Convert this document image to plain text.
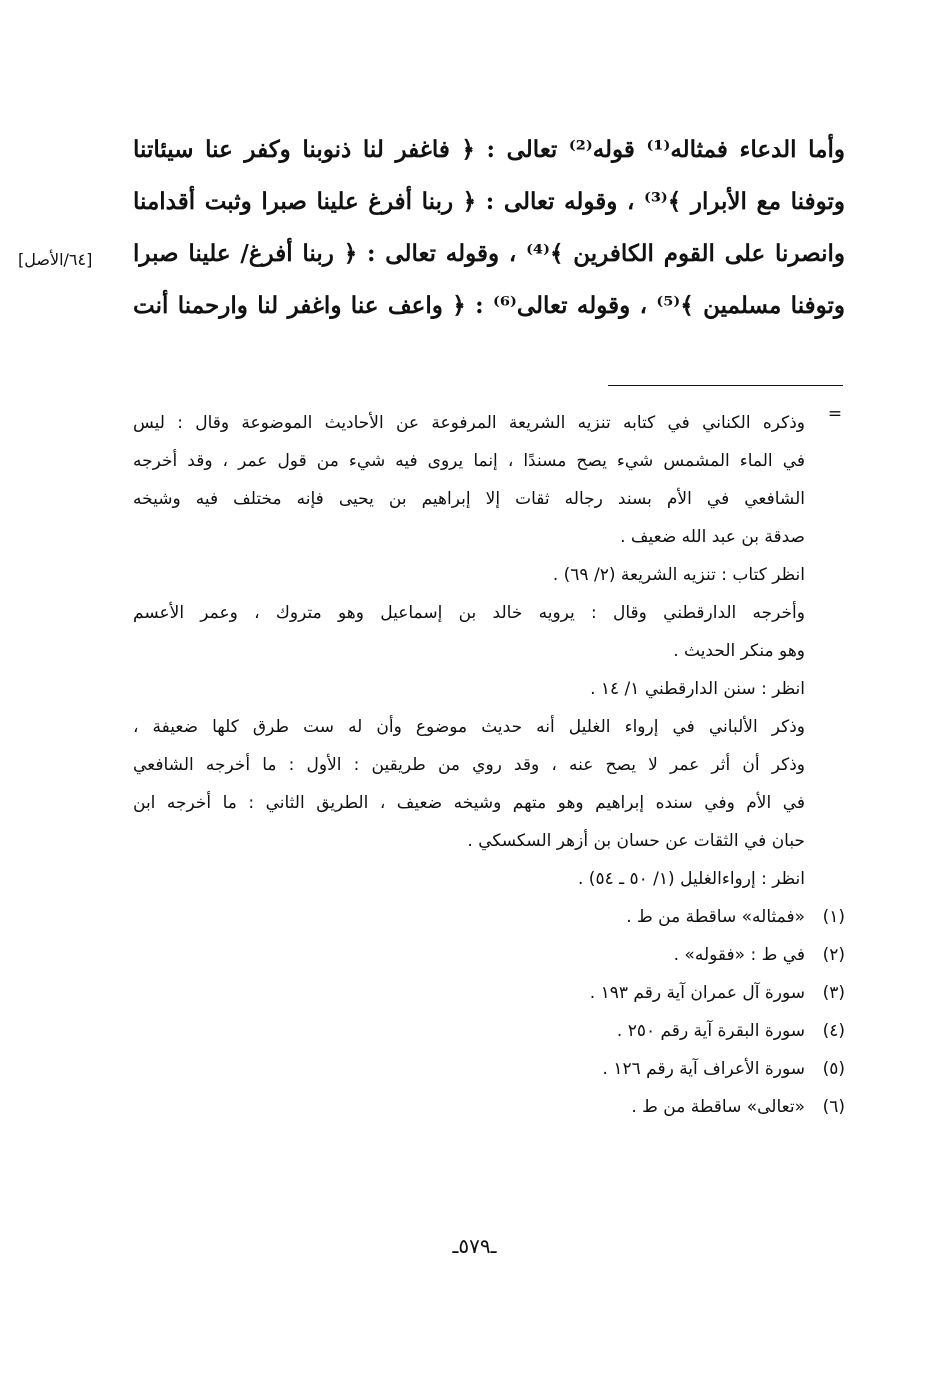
وأما الدعاء فمثاله⁽¹⁾ قوله⁽²⁾ تعالى : ﴿ فاغفر لنا ذنوبنا وكفر عنا سيئاتنا
وتوفنا مع الأبرار ﴾⁽³⁾ ، وقوله تعالى : ﴿ ربنا أفرغ علينا صبرا وثبت أقدامنا
وانصرنا على القوم الكافرين ﴾⁽⁴⁾ ، وقوله تعالى : ﴿ ربنا أفرغ/ علينا صبرا
وتوفنا مسلمين ﴾⁽⁵⁾ ، وقوله تعالى⁽⁶⁾ : ﴿ واعف عنا واغفر لنا وارحمنا أنت
[٦٤/الأصل]
=
وذكره الكناني في كتابه تنزيه الشريعة المرفوعة عن الأحاديث الموضوعة وقال : ليس
في الماء المشمس شيء يصح مسندًا ، إنما يروى فيه شيء من قول عمر ، وقد أخرجه
الشافعي في الأم بسند رجاله ثقات إلا إبراهيم بن يحيى فإنه مختلف فيه وشيخه
صدقة بن عبد الله ضعيف .
انظر كتاب : تنزيه الشريعة (٢/ ٦٩) .
وأخرجه الدارقطني وقال : يرويه خالد بن إسماعيل وهو متروك ، وعمر الأعسم
وهو منكر الحديث .
انظر : سنن الدارقطني ١/ ١٤ .
وذكر الألباني في إرواء الغليل أنه حديث موضوع وأن له ست طرق كلها ضعيفة ،
وذكر أن أثر عمر لا يصح عنه ، وقد روي من طريقين : الأول : ما أخرجه الشافعي
في الأم وفي سنده إبراهيم وهو متهم وشيخه ضعيف ، الطريق الثاني : ما أخرجه ابن
حبان في الثقات عن حسان بن أزهر السكسكي .
انظر : إرواءالغليل (١/ ٥٠ ـ ٥٤) .
(١)
«فمثاله» ساقطة من ط .
(٢)
في ط : «فقوله» .
(٣)
سورة آل عمران آية رقم ١٩٣ .
(٤)
سورة البقرة آية رقم ٢٥٠ .
(٥)
سورة الأعراف آية رقم ١٢٦ .
(٦)
«تعالى» ساقطة من ط .
ـ٥٧٩ـ
